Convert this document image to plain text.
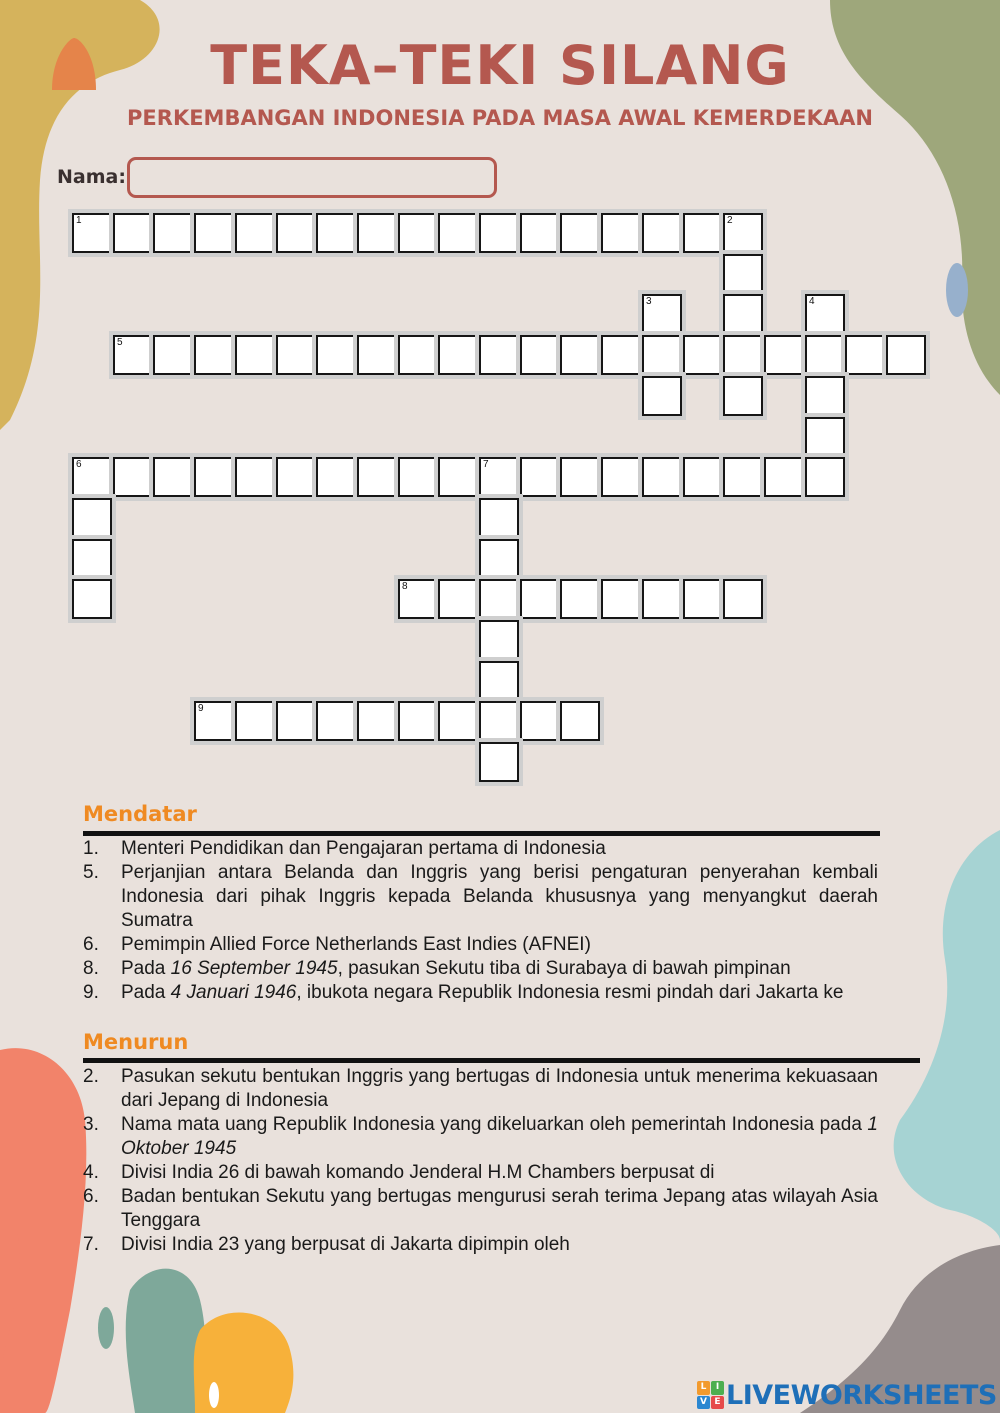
TEKA–TEKI SILANG
PERKEMBANGAN INDONESIA PADA MASA AWAL KEMERDEKAAN
Nama:
1	2
3	4
5
6	7
8
9
Mendatar
1. Menteri Pendidikan dan Pengajaran pertama di Indonesia
5. Perjanjian antara Belanda dan Inggris yang berisi pengaturan penyerahan kembali Indonesia dari pihak Inggris kepada Belanda khususnya yang menyangkut daerah Sumatra
6. Pemimpin Allied Force Netherlands East Indies (AFNEI)
8. Pada 16 September 1945, pasukan Sekutu tiba di Surabaya di bawah pimpinan
9. Pada 4 Januari 1946, ibukota negara Republik Indonesia resmi pindah dari Jakarta ke
Menurun
2. Pasukan sekutu bentukan Inggris yang bertugas di Indonesia untuk menerima kekuasaan dari Jepang di Indonesia
3. Nama mata uang Republik Indonesia yang dikeluarkan oleh pemerintah Indonesia pada 1 Oktober 1945
4. Divisi India 26 di bawah komando Jenderal H.M Chambers berpusat di
6. Badan bentukan Sekutu yang bertugas mengurusi serah terima Jepang atas wilayah Asia Tenggara
7. Divisi India 23 yang berpusat di Jakarta dipimpin oleh
L	I
V E LIVEWORKSHEETS
